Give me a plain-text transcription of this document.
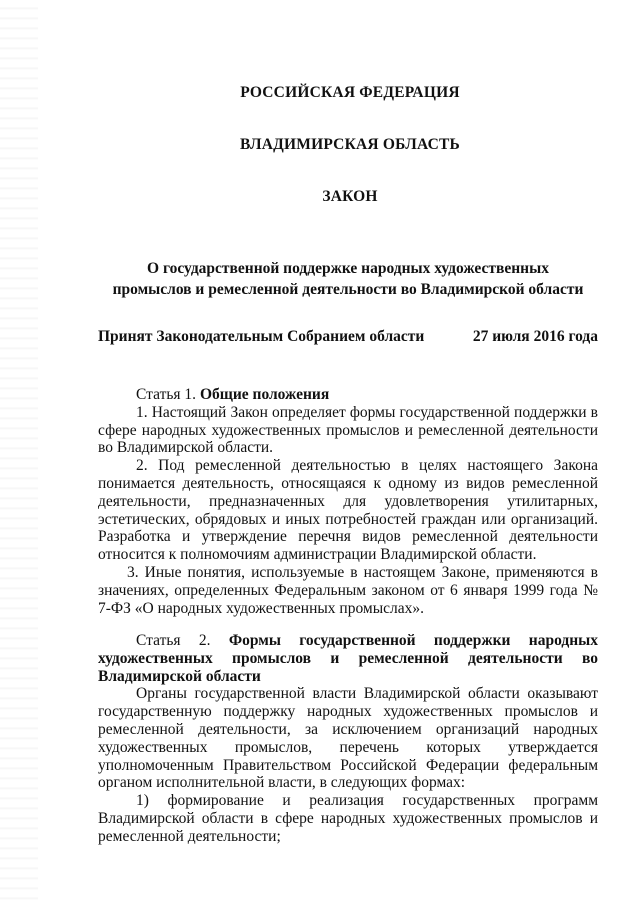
РОССИЙСКАЯ ФЕДЕРАЦИЯ
ВЛАДИМИРСКАЯ ОБЛАСТЬ
ЗАКОН
О государственной поддержке народных художественных
промыслов и ремесленной деятельности во Владимирской области
Принят Законодательным Собранием области	27 июля 2016 года

Статья 1. Общие положения

1. Настоящий Закон определяет формы государственной поддержки в сфере народных художественных промыслов и ремесленной деятельности во Владимирской области.

2. Под ремесленной деятельностью в целях настоящего Закона понимается деятельность, относящаяся к одному из видов ремесленной деятельности, предназначенных для удовлетворения утилитарных, эстетических, обрядовых и иных потребностей граждан или организаций. Разработка и утверждение перечня видов ремесленной деятельности относится к полномочиям администрации Владимирской области.

3. Иные понятия, используемые в настоящем Законе, применяются в значениях, определенных Федеральным законом от 6 января 1999 года № 7-ФЗ «О народных художественных промыслах».

Статья 2. Формы государственной поддержки народных художественных промыслов и ремесленной деятельности во Владимирской области

Органы государственной власти Владимирской области оказывают государственную поддержку народных художественных промыслов и ремесленной деятельности, за исключением организаций народных художественных промыслов, перечень которых утверждается уполномоченным Правительством Российской Федерации федеральным органом исполнительной власти, в следующих формах:

1) формирование и реализация государственных программ Владимирской области в сфере народных художественных промыслов и ремесленной деятельности;
